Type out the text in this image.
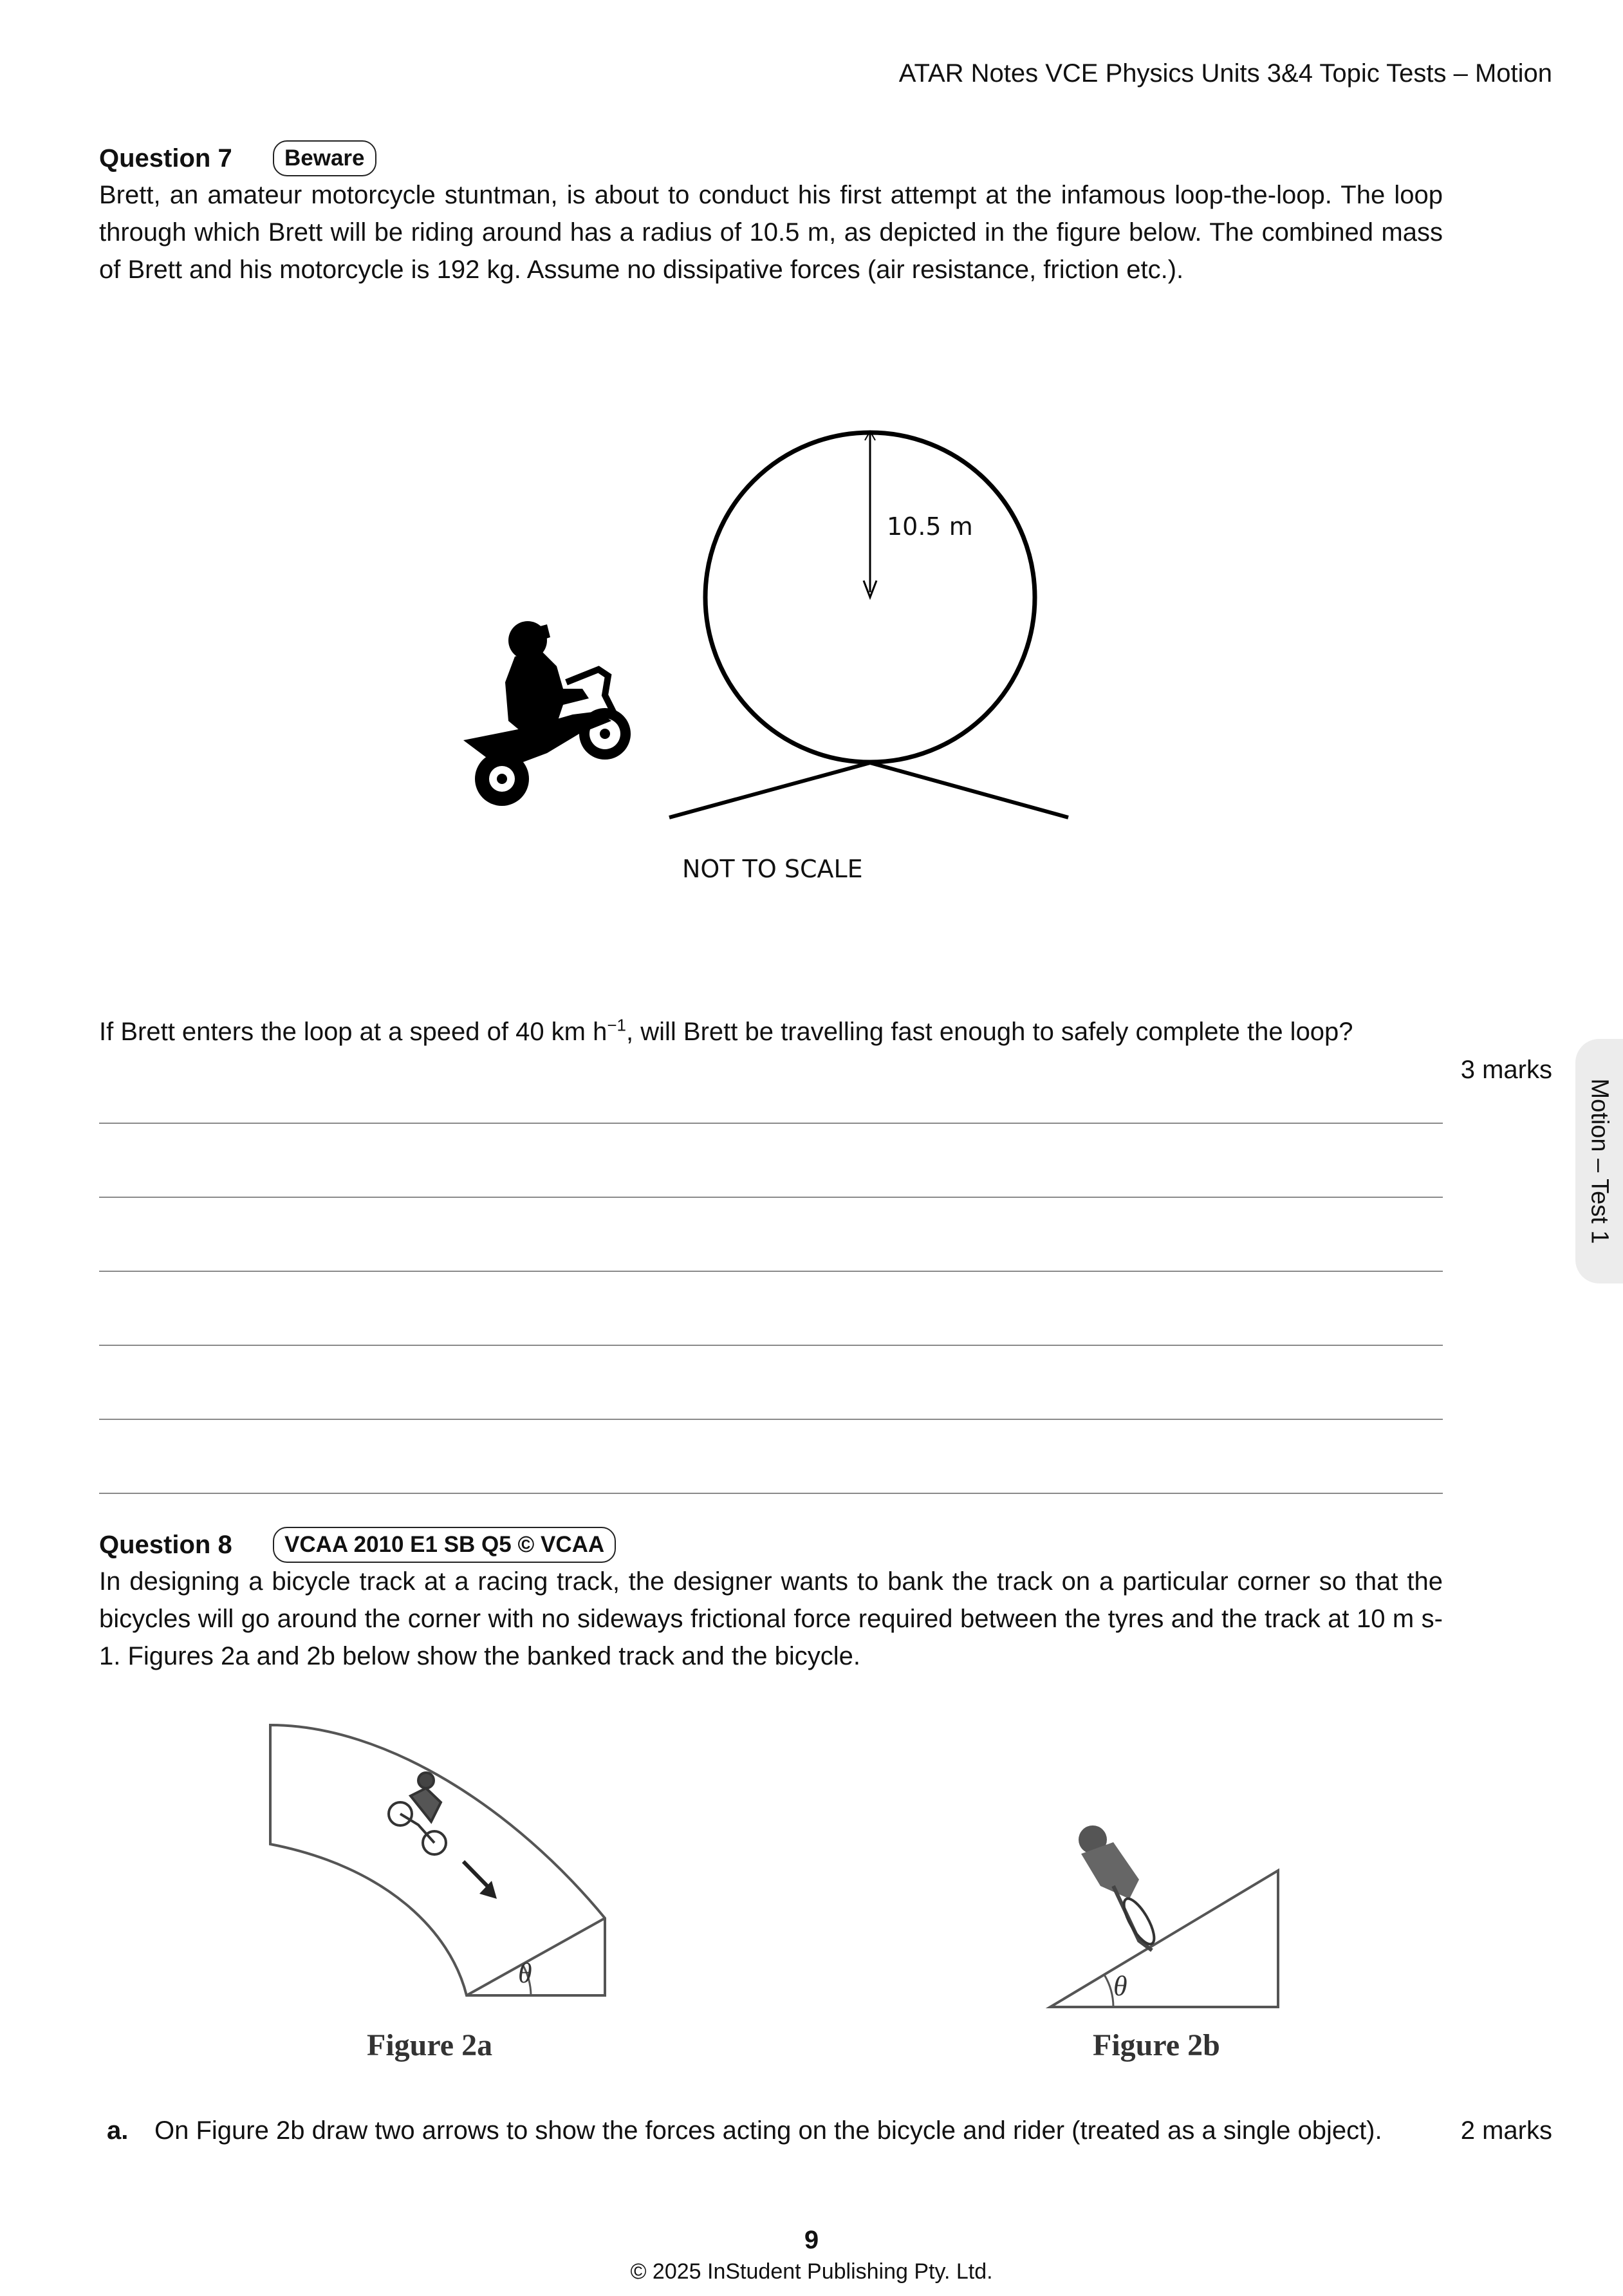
ATAR Notes VCE Physics Units 3&4 Topic Tests – Motion
Question 7	Beware
Brett, an amateur motorcycle stuntman, is about to conduct his first attempt at the infamous loop-the-loop. The loop through which Brett will be riding around has a radius of 10.5 m, as depicted in the figure below. The combined mass of Brett and his motorcycle is 192 kg. Assume no dissipative forces (air resistance, friction etc.).
10.5 m
NOT TO SCALE
If Brett enters the loop at a speed of 40 km $h^{-1}$, will Brett be travelling fast enough to safely complete the loop?
3 marks
Motion – Test 1
Question 8	VCAA 2010 E1 SB Q5 © VCAA
In designing a bicycle track at a racing track, the designer wants to bank the track on a particular corner so that the bicycles will go around the corner with no sideways frictional force required between the tyres and the track at 10 m s-1. Figures 2a and 2b below show the banked track and the bicycle.
θ
Figure 2a
θ
Figure 2b
a. On Figure 2b draw two arrows to show the forces acting on the bicycle and rider (treated as a single object).	2 marks
9
© 2025 InStudent Publishing Pty. Ltd.
